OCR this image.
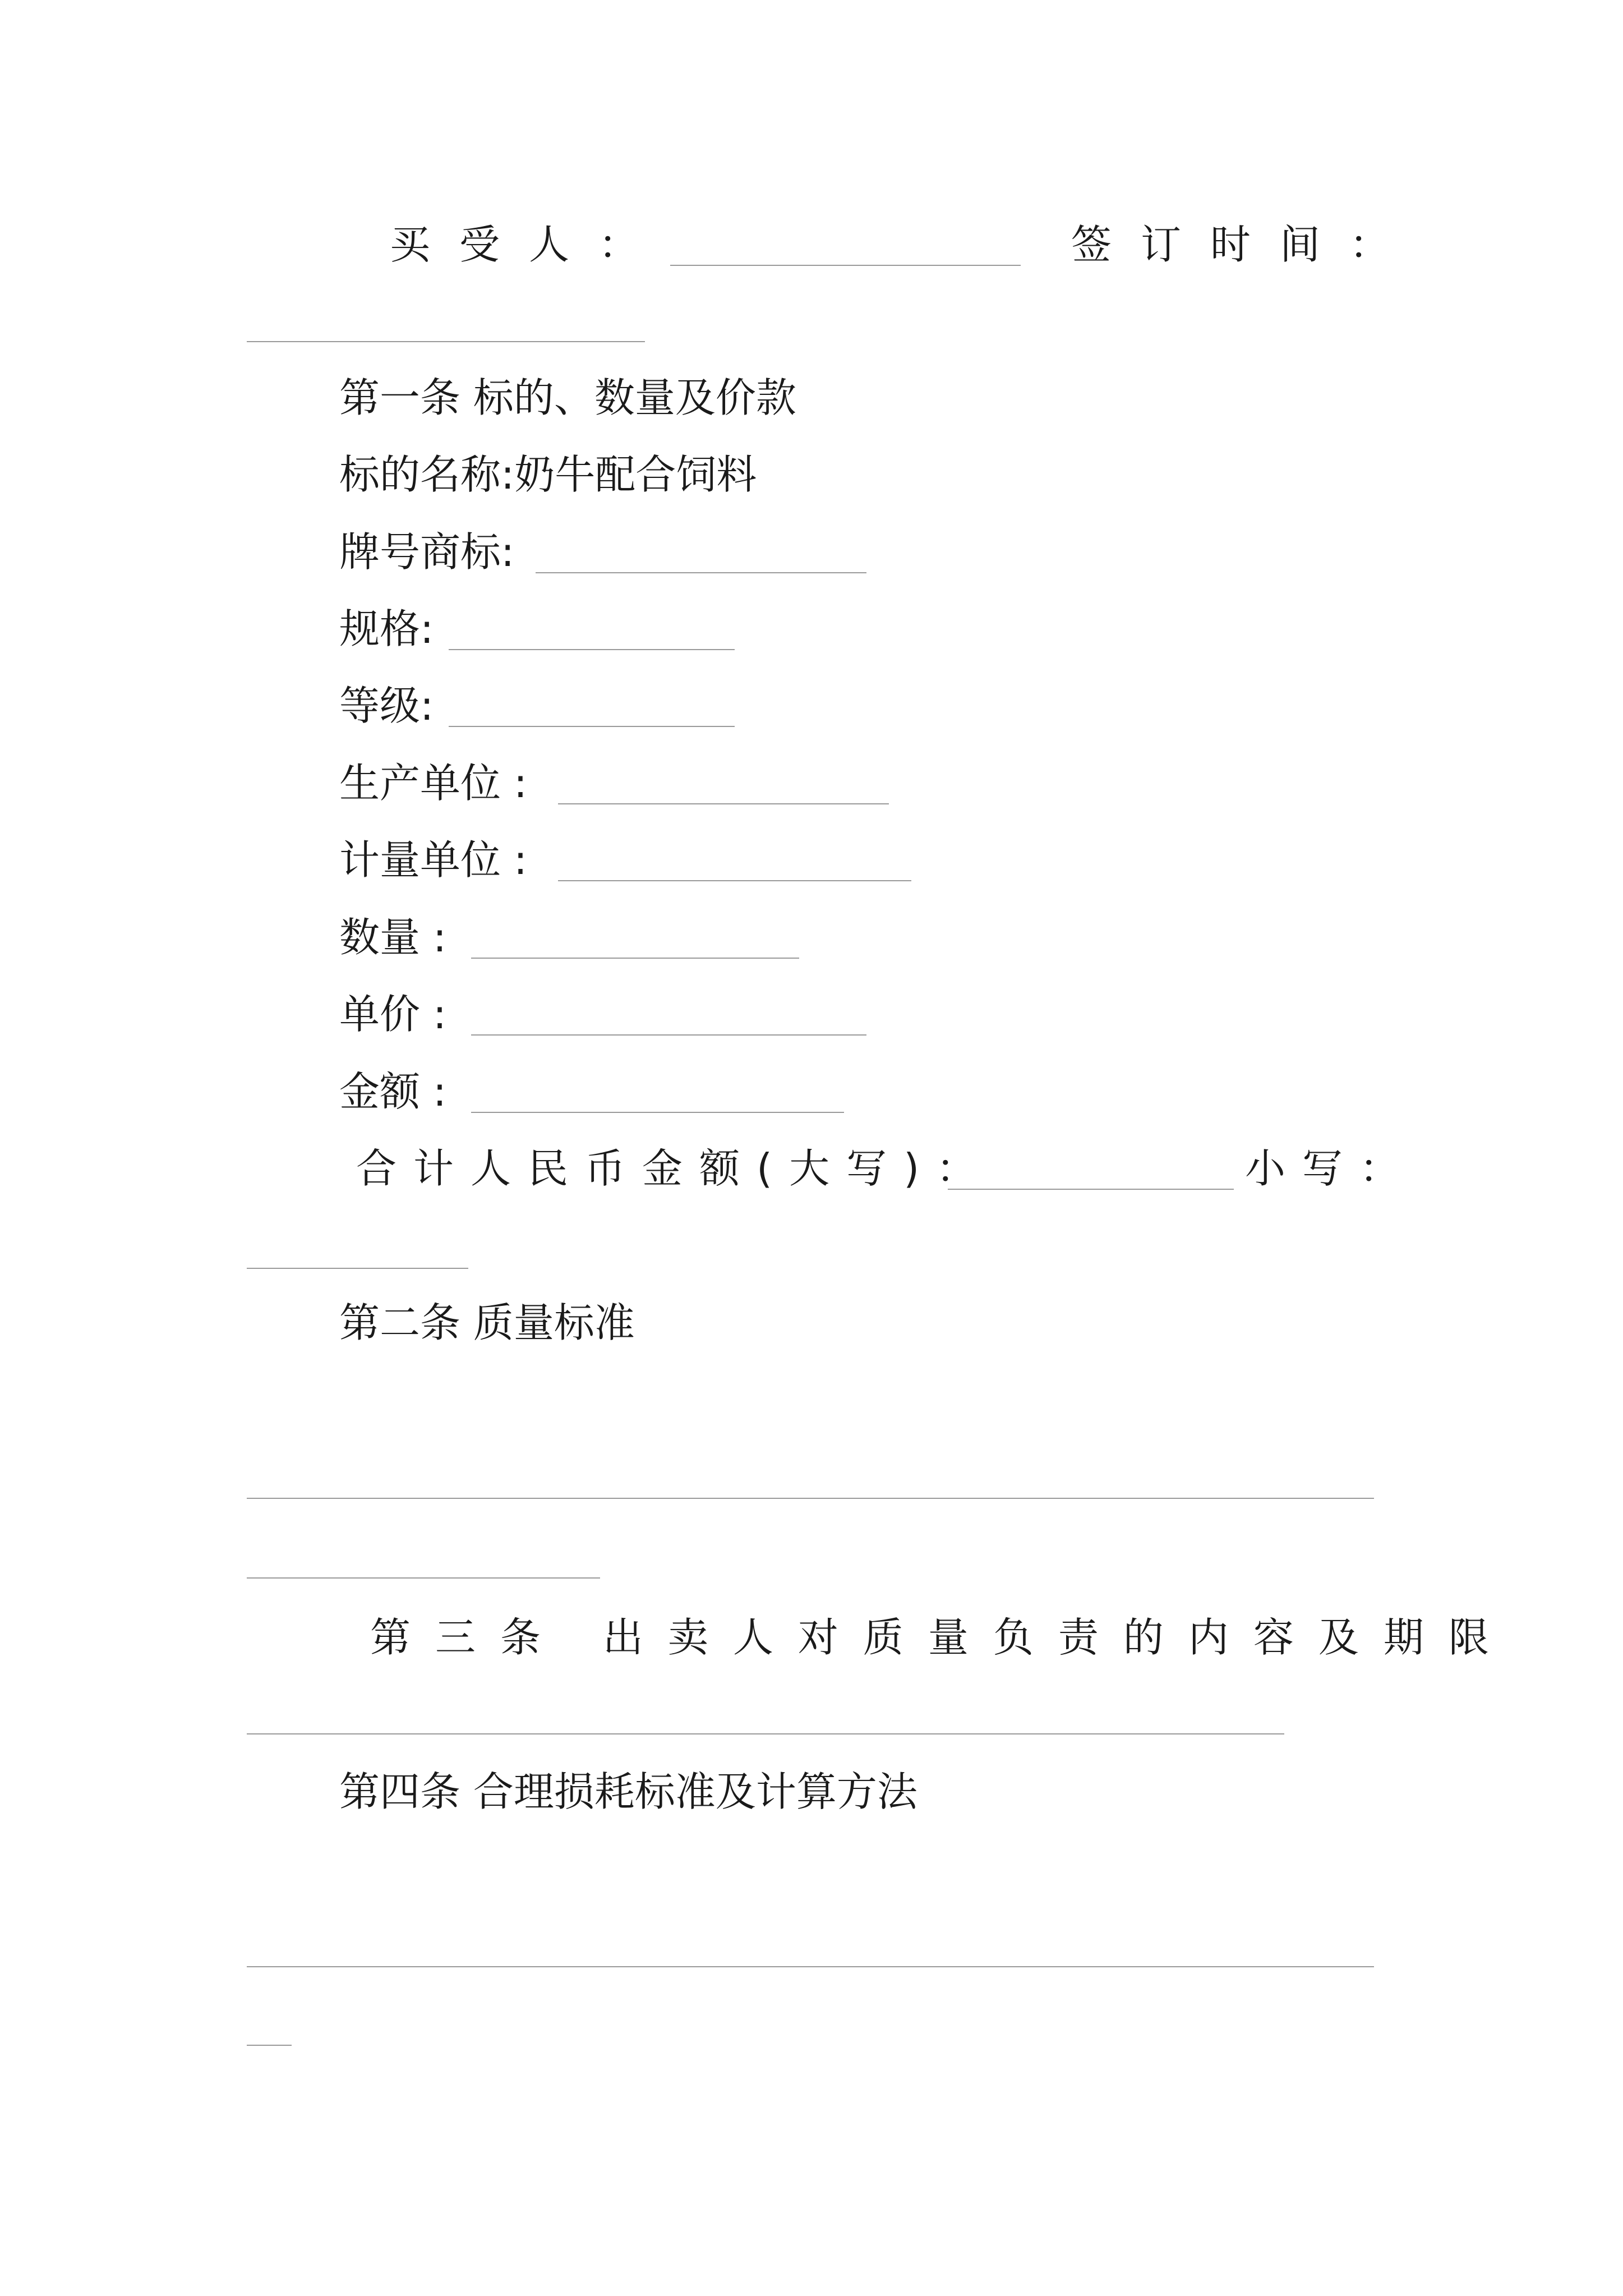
买受人：	签订时间：
第一条 标的、数量及价款
标的名称:奶牛配合饲料
牌号商标:
规格:
等级:
生产单位 :
计量单位 :
数量 :
单价 :
金额 :
合计人民币金额(大写)：	小写：
第二条 质量标准
第三条 出卖人对质量负责的内容及期限
第四条 合理损耗标准及计算方法
